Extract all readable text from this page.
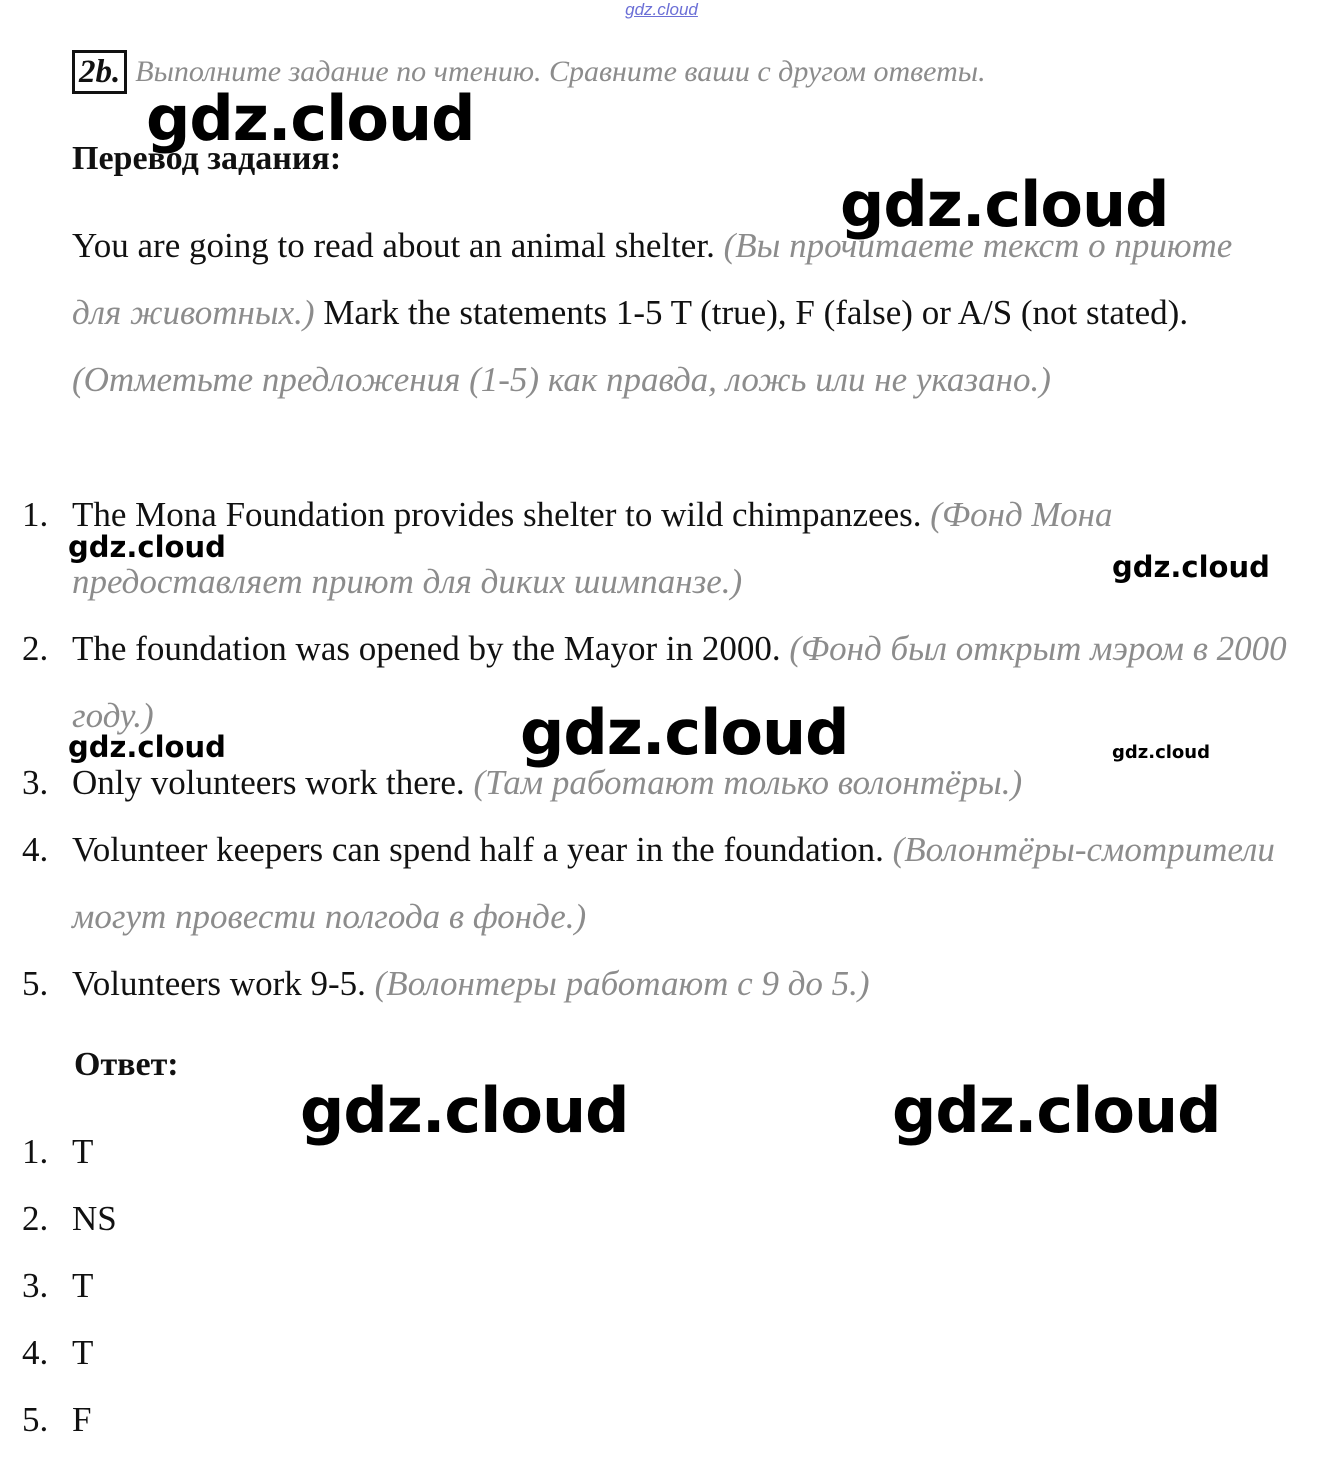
gdz.cloud
2b. Выполните задание по чтению. Сравните ваши с другом ответы.
Перевод задания:
You are going to read about an animal shelter. (Вы прочитаете текст о приюте для животных.) Mark the statements 1-5 T (true), F (false) or A/S (not stated). (Отметьте предложения (1-5) как правда, ложь или не указано.)
1. The Mona Foundation provides shelter to wild chimpanzees. (Фонд Мона предоставляет приют для диких шимпанзе.)
2. The foundation was opened by the Mayor in 2000. (Фонд был открыт мэром в 2000 году.)
3. Only volunteers work there. (Там работают только волонтёры.)
4. Volunteer keepers can spend half a year in the foundation. (Волонтёры-смотрители могут провести полгода в фонде.)
5. Volunteers work 9-5. (Волонтеры работают с 9 до 5.)
Ответ:
1. T
2. NS
3. T
4. T
5. F
gdz.cloud
gdz.cloud
gdz.cloud
gdz.cloud
gdz.cloud
gdz.cloud	gdz.cloud
gdz.cloud	gdz.cloud
